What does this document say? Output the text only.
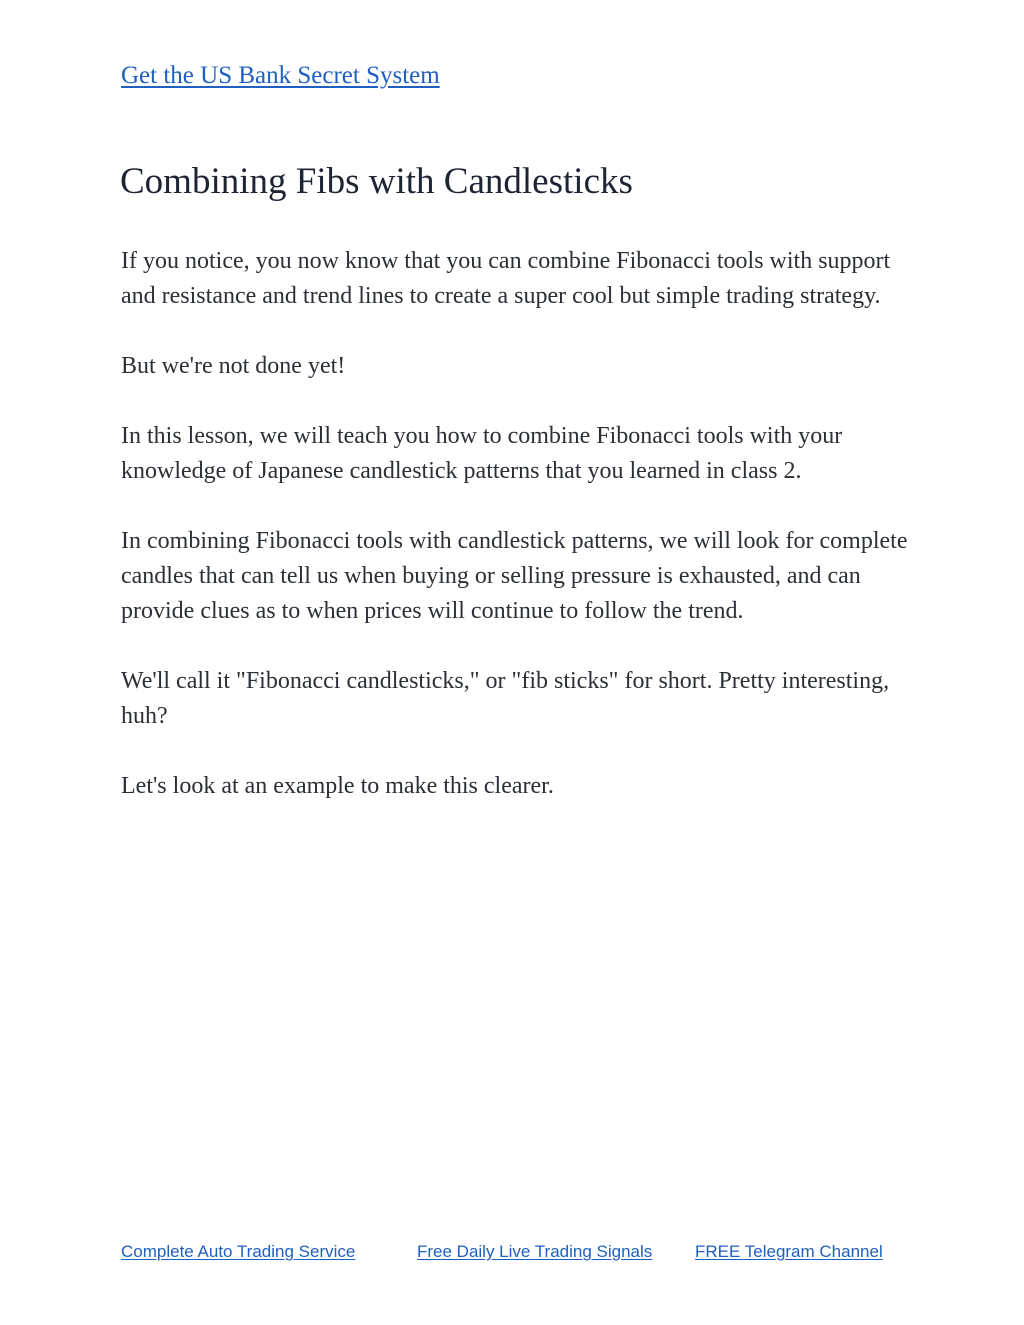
Get the US Bank Secret System
Combining Fibs with Candlesticks

If you notice, you now know that you can combine Fibonacci tools with support and resistance and trend lines to create a super cool but simple trading strategy.

But we're not done yet!

In this lesson, we will teach you how to combine Fibonacci tools with your knowledge of Japanese candlestick patterns that you learned in class 2.

In combining Fibonacci tools with candlestick patterns, we will look for complete candles that can tell us when buying or selling pressure is exhausted, and can provide clues as to when prices will continue to follow the trend.

We'll call it "Fibonacci candlesticks," or "fib sticks" for short. Pretty interesting, huh?

Let's look at an example to make this clearer.

Complete Auto Trading Service	Free Daily Live Trading Signals	FREE Telegram Channel
